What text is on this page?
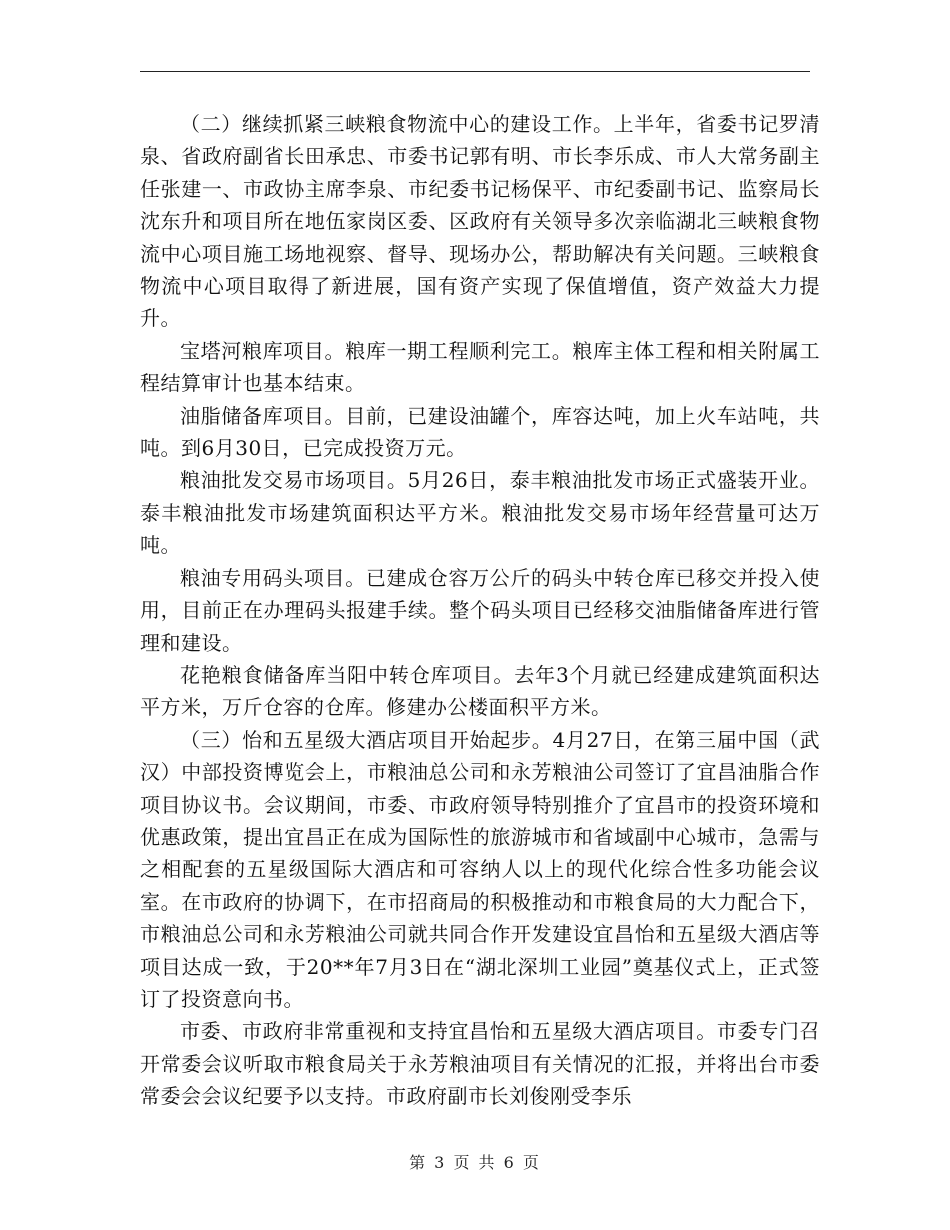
（二）继续抓紧三峡粮食物流中心的建设工作。上半年，省委书记罗清泉、省政府副省长田承忠、市委书记郭有明、市长李乐成、市人大常务副主任张建一、市政协主席李泉、市纪委书记杨保平、市纪委副书记、监察局长沈东升和项目所在地伍家岗区委、区政府有关领导多次亲临湖北三峡粮食物流中心项目施工场地视察、督导、现场办公，帮助解决有关问题。三峡粮食物流中心项目取得了新进展，国有资产实现了保值增值，资产效益大力提升。

宝塔河粮库项目。粮库一期工程顺利完工。粮库主体工程和相关附属工程结算审计也基本结束。

油脂储备库项目。目前，已建设油罐个，库容达吨，加上火车站吨，共吨。到6月30日，已完成投资万元。

粮油批发交易市场项目。5月26日，泰丰粮油批发市场正式盛装开业。泰丰粮油批发市场建筑面积达平方米。粮油批发交易市场年经营量可达万吨。

粮油专用码头项目。已建成仓容万公斤的码头中转仓库已移交并投入使用，目前正在办理码头报建手续。整个码头项目已经移交油脂储备库进行管理和建设。

花艳粮食储备库当阳中转仓库项目。去年3个月就已经建成建筑面积达平方米，万斤仓容的仓库。修建办公楼面积平方米。

（三）怡和五星级大酒店项目开始起步。4月27日，在第三届中国（武汉）中部投资博览会上，市粮油总公司和永芳粮油公司签订了宜昌油脂合作项目协议书。会议期间，市委、市政府领导特别推介了宜昌市的投资环境和优惠政策，提出宜昌正在成为国际性的旅游城市和省域副中心城市，急需与之相配套的五星级国际大酒店和可容纳人以上的现代化综合性多功能会议室。在市政府的协调下，在市招商局的积极推动和市粮食局的大力配合下，市粮油总公司和永芳粮油公司就共同合作开发建设宜昌怡和五星级大酒店等项目达成一致，于20**年7月3日在“湖北深圳工业园”奠基仪式上，正式签订了投资意向书。

市委、市政府非常重视和支持宜昌怡和五星级大酒店项目。市委专门召开常委会议听取市粮食局关于永芳粮油项目有关情况的汇报，并将出台市委常委会会议纪要予以支持。市政府副市长刘俊刚受李乐

第 3 页 共 6 页
